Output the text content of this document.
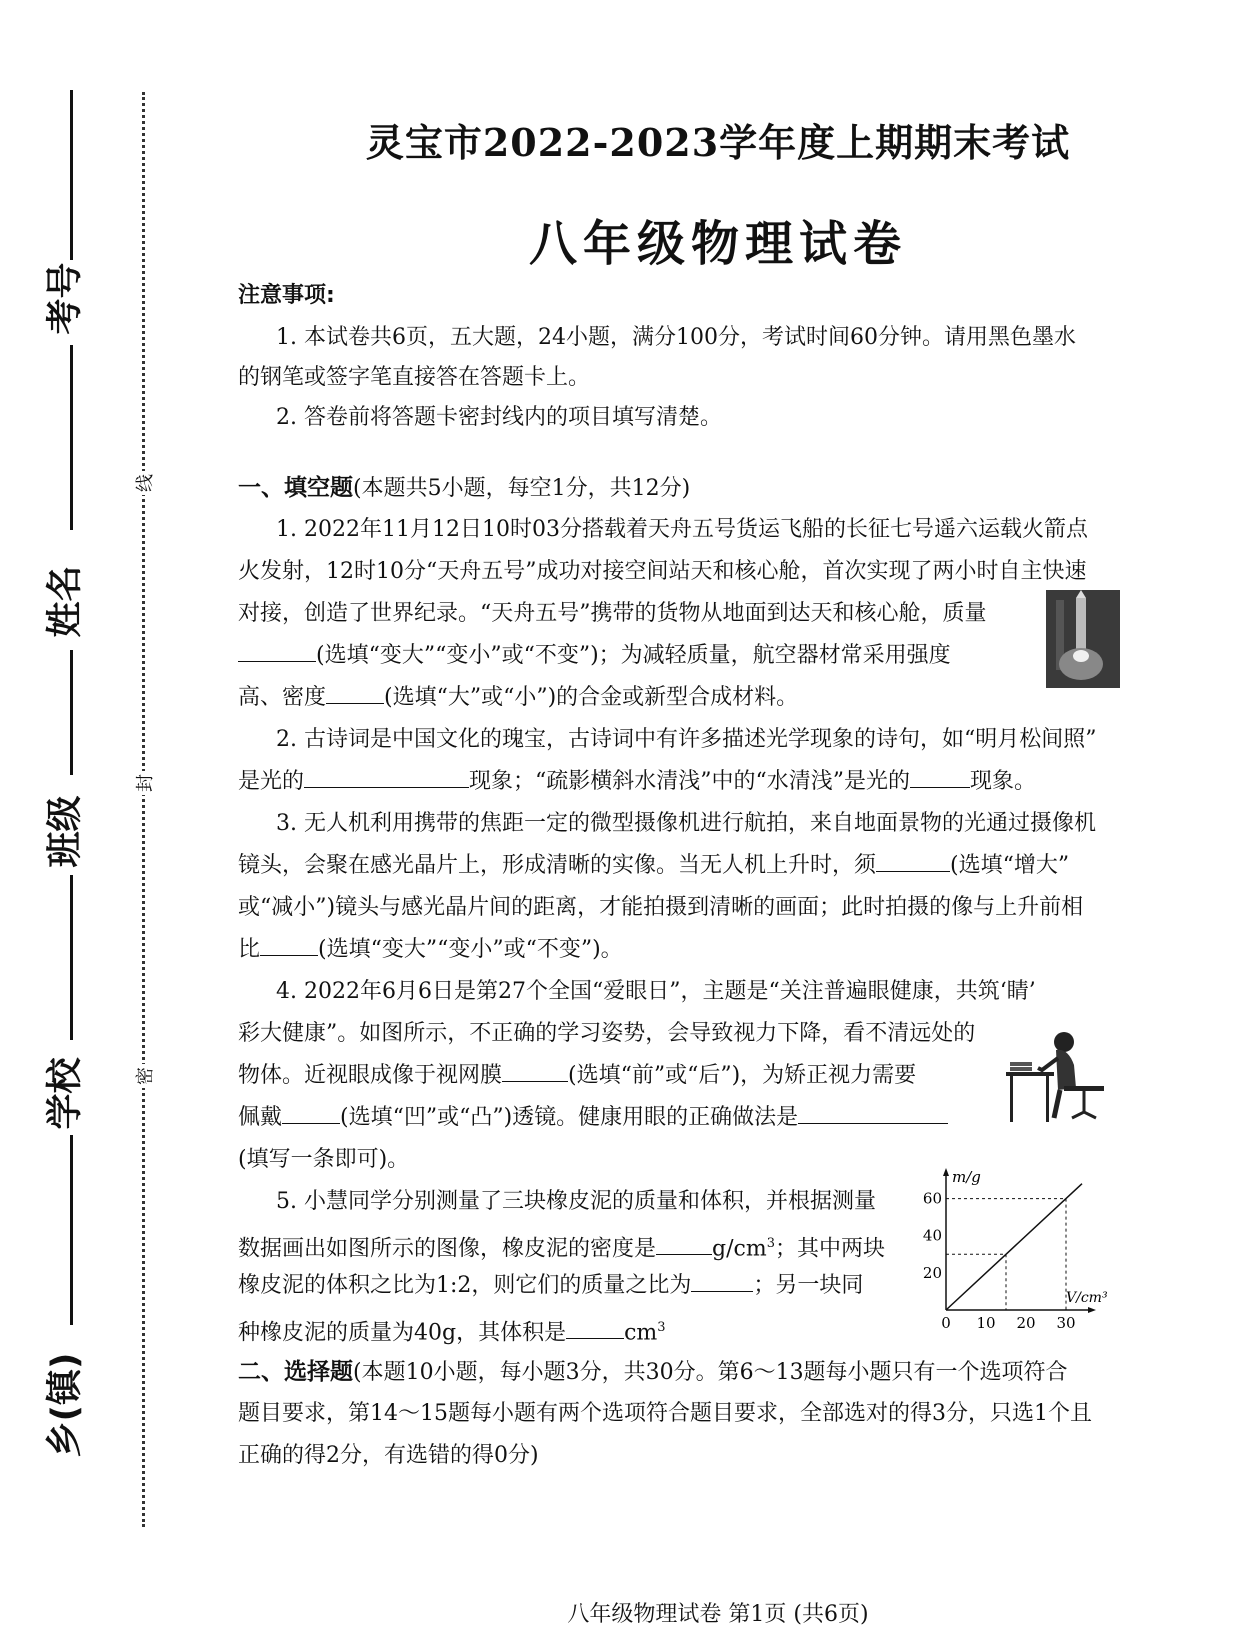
考号
姓名
班级
学校
乡(镇)
线
封
密
灵宝市2022-2023学年度上期期末考试
八年级物理试卷
注意事项:
1. 本试卷共6页，五大题，24小题，满分100分，考试时间60分钟。请用黑色墨水
的钢笔或签字笔直接答在答题卡上。
2. 答卷前将答题卡密封线内的项目填写清楚。
一、填空题(本题共5小题，每空1分，共12分)
1. 2022年11月12日10时03分搭载着天舟五号货运飞船的长征七号遥六运载火箭点
火发射，12时10分“天舟五号”成功对接空间站天和核心舱，首次实现了两小时自主快速
对接，创造了世界纪录。“天舟五号”携带的货物从地面到达天和核心舱，质量
(选填“变大”“变小”或“不变”)；为减轻质量，航空器材常采用强度
高、密度	(选填“大”或“小”)的合金或新型合成材料。
2. 古诗词是中国文化的瑰宝，古诗词中有许多描述光学现象的诗句，如“明月松间照”
是光的	现象；“疏影横斜水清浅”中的“水清浅”是光的	现象。
3. 无人机利用携带的焦距一定的微型摄像机进行航拍，来自地面景物的光通过摄像机
镜头，会聚在感光晶片上，形成清晰的实像。当无人机上升时，须	(选填“增大”
或“减小”)镜头与感光晶片间的距离，才能拍摄到清晰的画面；此时拍摄的像与上升前相
比	(选填“变大”“变小”或“不变”)。
4. 2022年6月6日是第27个全国“爱眼日”，主题是“关注普遍眼健康，共筑‘睛’
彩大健康”。如图所示，不正确的学习姿势，会导致视力下降，看不清远处的
物体。近视眼成像于视网膜	(选填“前”或“后”)，为矫正视力需要
佩戴	(选填“凹”或“凸”)透镜。健康用眼的正确做法是
(填写一条即可)。
5. 小慧同学分别测量了三块橡皮泥的质量和体积，并根据测量
数据画出如图所示的图像，橡皮泥的密度是	$g/cm^3$；其中两块
橡皮泥的体积之比为1:2，则它们的质量之比为	；另一块同
种橡皮泥的质量为40g，其体积是	$cm^3$	0 10 20 30
20
40
60
m/g
V/cm³
二、选择题(本题10小题，每小题3分，共30分。第6～13题每小题只有一个选项符合
题目要求，第14～15题每小题有两个选项符合题目要求，全部选对的得3分，只选1个且
正确的得2分，有选错的得0分)
八年级物理试卷 第1页 (共6页)
